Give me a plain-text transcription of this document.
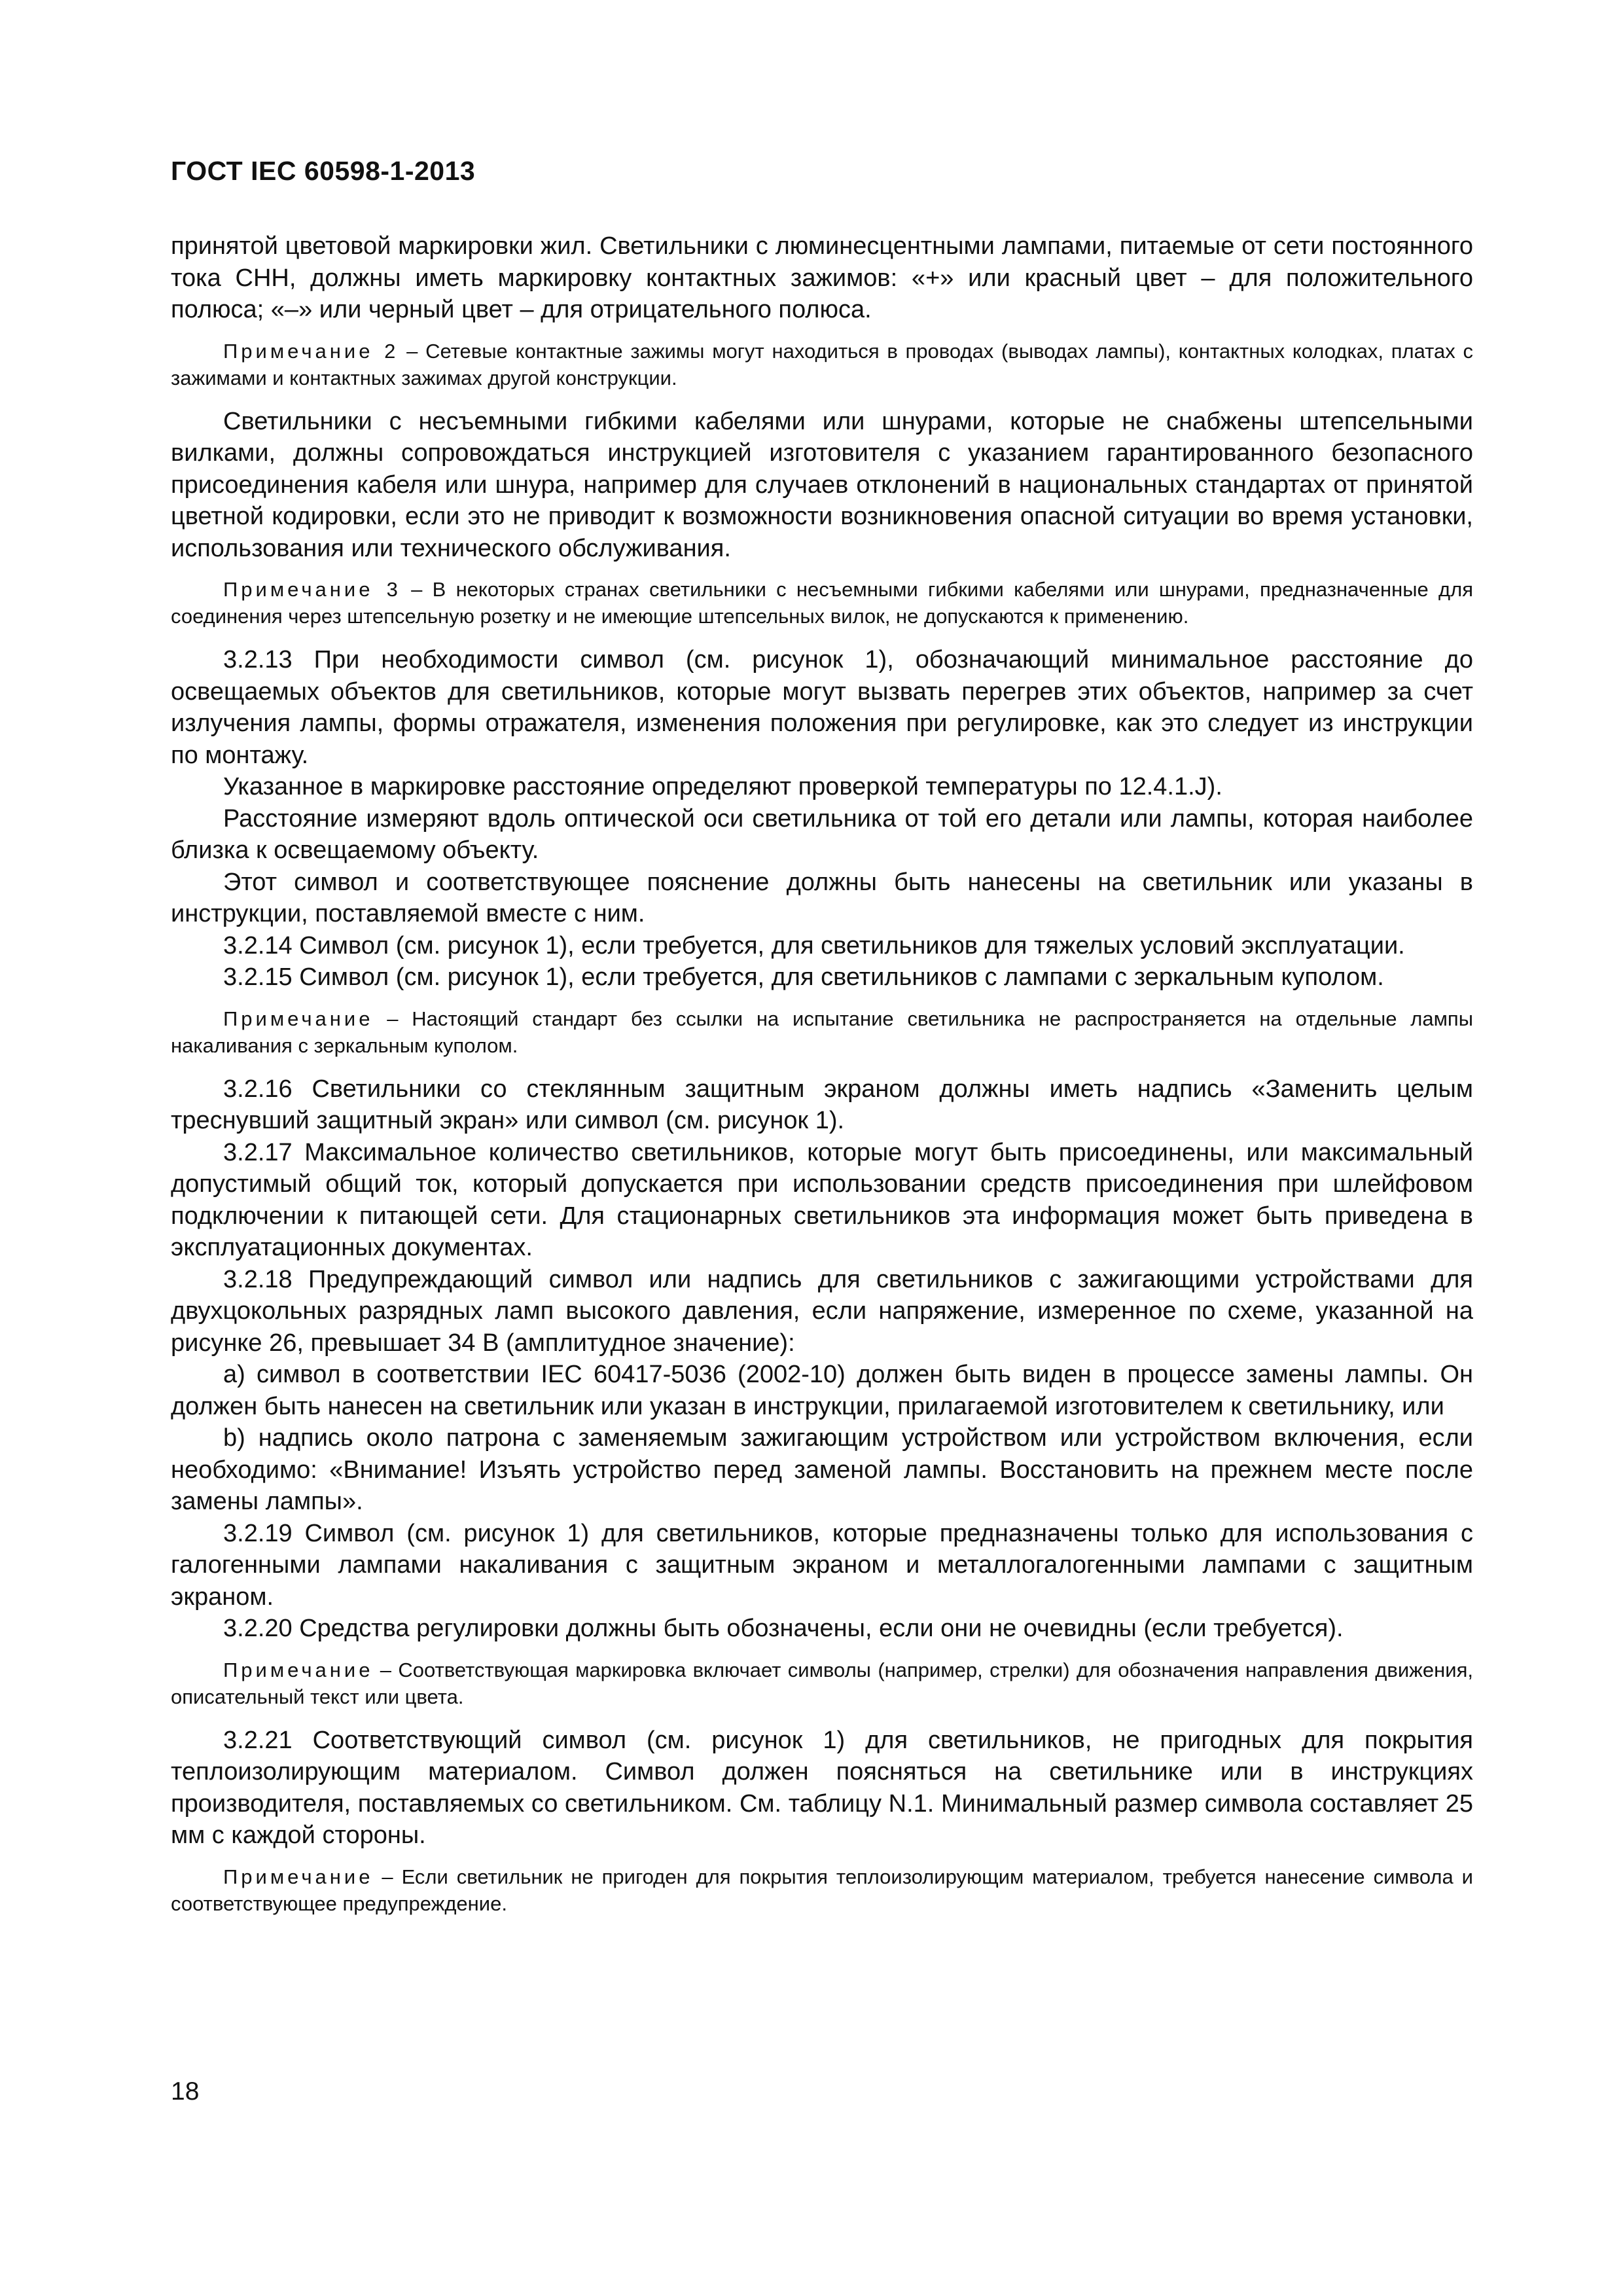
ГОСТ IEC 60598-1-2013

принятой цветовой маркировки жил. Светильники с люминесцентными лампами, питаемые от сети постоянного тока СНН, должны иметь маркировку контактных зажимов: «+» или красный цвет – для положительного полюса; «–» или черный цвет – для отрицательного полюса.

Примечание 2 – Сетевые контактные зажимы могут находиться в проводах (выводах лампы), контактных колодках, платах с зажимами и контактных зажимах другой конструкции.

Светильники с несъемными гибкими кабелями или шнурами, которые не снабжены штепсельными вилками, должны сопровождаться инструкцией изготовителя с указанием гарантированного безопасного присоединения кабеля или шнура, например для случаев отклонений в национальных стандартах от принятой цветной кодировки, если это не приводит к возможности возникновения опасной ситуации во время установки, использования или технического обслуживания.

Примечание 3 – В некоторых странах светильники с несъемными гибкими кабелями или шнурами, предназначенные для соединения через штепсельную розетку и не имеющие штепсельных вилок, не допускаются к применению.

3.2.13 При необходимости символ (см. рисунок 1), обозначающий минимальное расстояние до освещаемых объектов для светильников, которые могут вызвать перегрев этих объектов, например за счет излучения лампы, формы отражателя, изменения положения при регулировке, как это следует из инструкции по монтажу.

Указанное в маркировке расстояние определяют проверкой температуры по 12.4.1.J).

Расстояние измеряют вдоль оптической оси светильника от той его детали или лампы, которая наиболее близка к освещаемому объекту.

Этот символ и соответствующее пояснение должны быть нанесены на светильник или указаны в инструкции, поставляемой вместе с ним.

3.2.14 Символ (см. рисунок 1), если требуется, для светильников для тяжелых условий эксплуатации.

3.2.15 Символ (см. рисунок 1), если требуется, для светильников с лампами с зеркальным куполом.

Примечание – Настоящий стандарт без ссылки на испытание светильника не распространяется на отдельные лампы накаливания с зеркальным куполом.

3.2.16 Светильники со стеклянным защитным экраном должны иметь надпись «Заменить целым треснувший защитный экран» или символ (см. рисунок 1).

3.2.17 Максимальное количество светильников, которые могут быть присоединены, или максимальный допустимый общий ток, который допускается при использовании средств присоединения при шлейфовом подключении к питающей сети. Для стационарных светильников эта информация может быть приведена в эксплуатационных документах.

3.2.18 Предупреждающий символ или надпись для светильников с зажигающими устройствами для двухцокольных разрядных ламп высокого давления, если напряжение, измеренное по схеме, указанной на рисунке 26, превышает 34 В (амплитудное значение):

a) символ в соответствии IEC 60417-5036 (2002-10) должен быть виден в процессе замены лампы. Он должен быть нанесен на светильник или указан в инструкции, прилагаемой изготовителем к светильнику, или

b) надпись около патрона с заменяемым зажигающим устройством или устройством включения, если необходимо: «Внимание! Изъять устройство перед заменой лампы. Восстановить на прежнем месте после замены лампы».

3.2.19 Символ (см. рисунок 1) для светильников, которые предназначены только для использования с галогенными лампами накаливания с защитным экраном и металлогалогенными лампами с защитным экраном.

3.2.20 Средства регулировки должны быть обозначены, если они не очевидны (если требуется).

Примечание – Соответствующая маркировка включает символы (например, стрелки) для обозначения направления движения, описательный текст или цвета.

3.2.21 Соответствующий символ (см. рисунок 1) для светильников, не пригодных для покрытия теплоизолирующим материалом. Символ должен поясняться на светильнике или в инструкциях производителя, поставляемых со светильником. См. таблицу N.1. Минимальный размер символа составляет 25 мм с каждой стороны.

Примечание – Если светильник не пригоден для покрытия теплоизолирующим материалом, требуется нанесение символа и соответствующее предупреждение.

18
